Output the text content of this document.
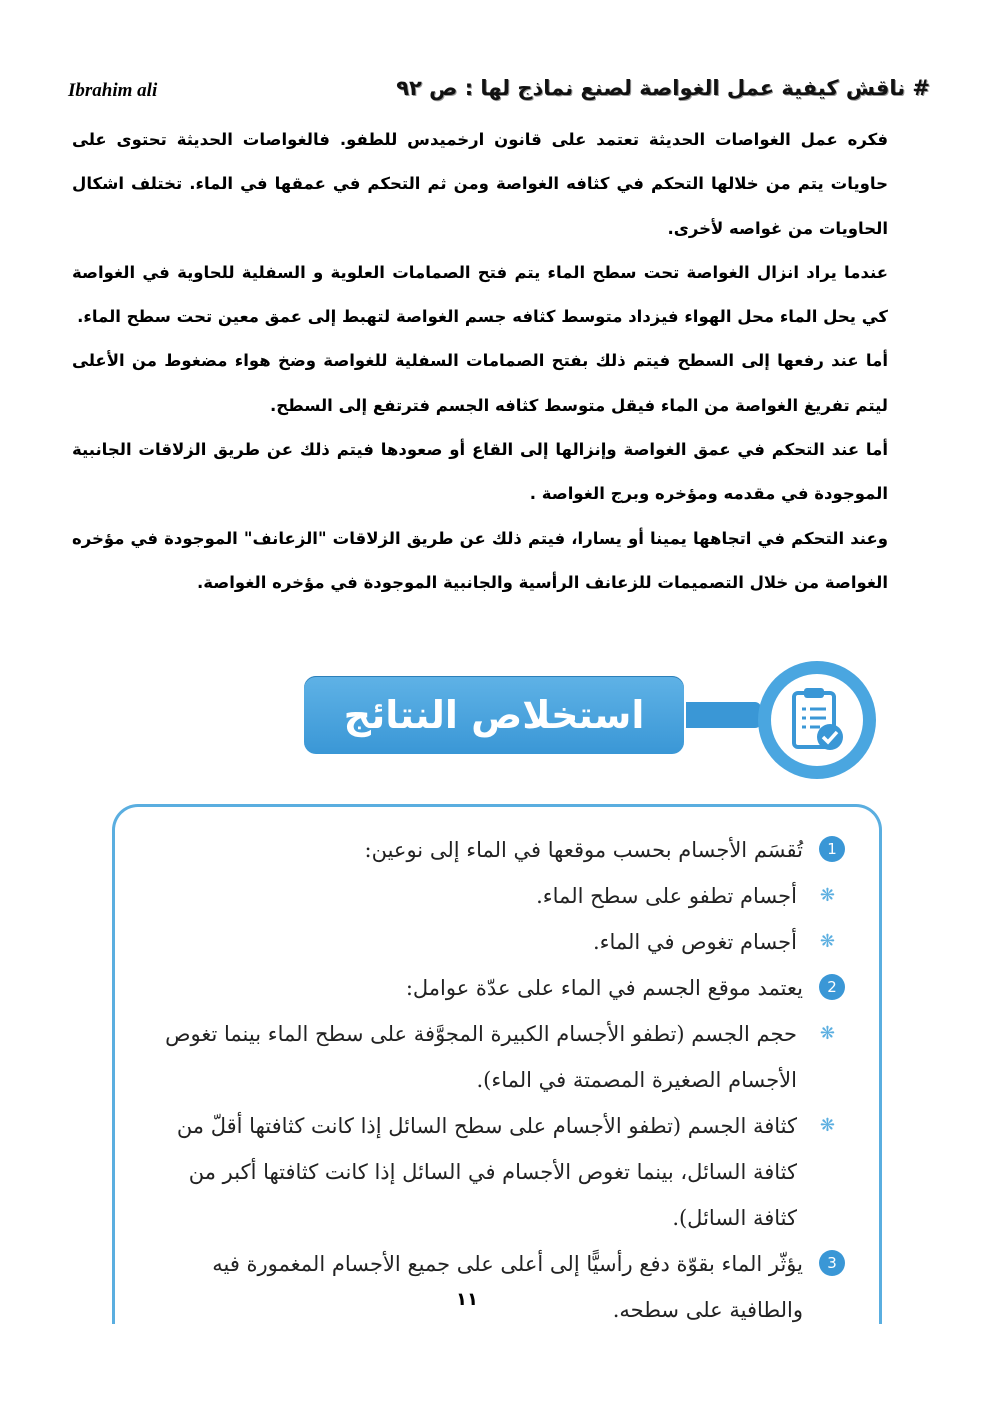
Ibrahim ali	# ناقش كيفية عمل الغواصة لصنع نماذج لها : ص ٩٢

فكره عمل الغواصات الحديثة تعتمد على قانون ارخميدس للطفو. فالغواصات الحديثة تحتوى على حاويات يتم من خلالها التحكم في كثافه الغواصة ومن ثم التحكم في عمقها في الماء. تختلف اشكال الحاويات من غواصه لأخرى.

عندما يراد انزال الغواصة تحت سطح الماء يتم فتح الصمامات العلوية و السفلية للحاوية في الغواصة كي يحل الماء محل الهواء فيزداد متوسط كثافه جسم الغواصة لتهبط إلى عمق معين تحت سطح الماء.

أما عند رفعها إلى السطح فيتم ذلك بفتح الصمامات السفلية للغواصة وضخ هواء مضغوط من الأعلى ليتم تفريغ الغواصة من الماء فيقل متوسط كثافه الجسم فترتفع إلى السطح.

أما عند التحكم في عمق الغواصة وإنزالها إلى القاع أو صعودها فيتم ذلك عن طريق الزلاقات الجانبية الموجودة في مقدمه ومؤخره وبرج الغواصة .

وعند التحكم في اتجاهها يمينا أو يسارا، فيتم ذلك عن طريق الزلاقات "الزعانف" الموجودة في مؤخره الغواصة من خلال التصميمات للزعانف الرأسية والجانبية الموجودة في مؤخره الغواصة.

استخلاص النتائج
1
تُقسَم الأجسام بحسب موقعها في الماء إلى نوعين:
❋
أجسام تطفو على سطح الماء.
❋
أجسام تغوص في الماء.
2
يعتمد موقع الجسم في الماء على عدّة عوامل:
❋
حجم الجسم (تطفو الأجسام الكبيرة المجوَّفة على سطح الماء بينما تغوص الأجسام الصغيرة المصمتة في الماء).
❋
كثافة الجسم (تطفو الأجسام على سطح السائل إذا كانت كثافتها أقلّ من كثافة السائل، بينما تغوص الأجسام في السائل إذا كانت كثافتها أكبر من كثافة السائل).
3
يؤثّر الماء بقوّة دفع رأسيًّا إلى أعلى على جميع الأجسام المغمورة فيه والطافية على سطحه.
١١
